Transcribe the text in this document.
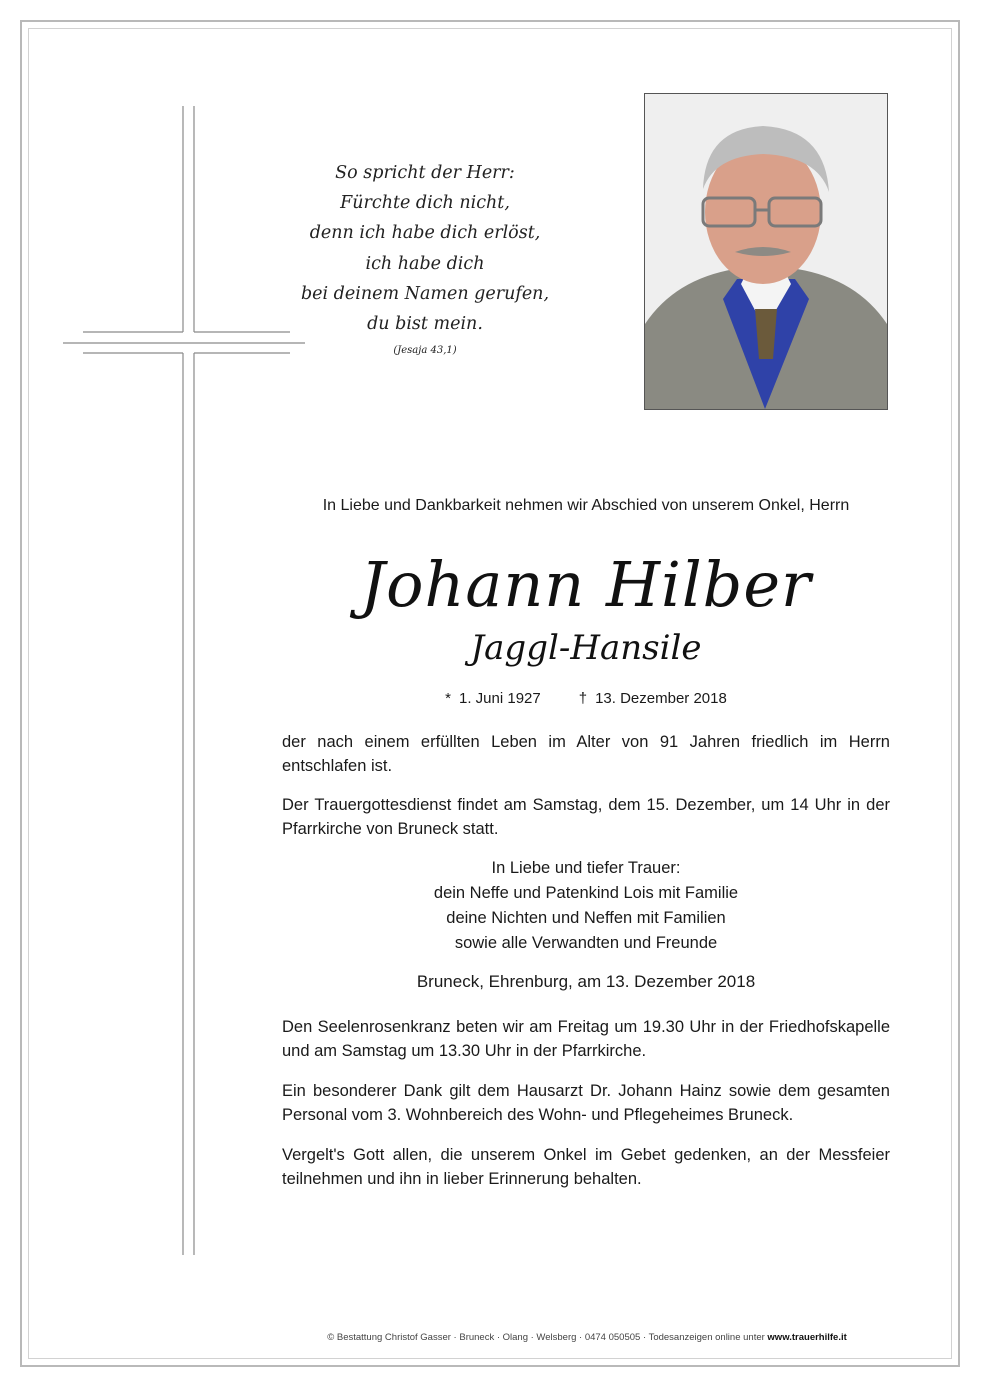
So spricht der Herr:
Fürchte dich nicht,
denn ich habe dich erlöst,
ich habe dich
bei deinem Namen gerufen,
du bist mein.
(Jesaja 43,1)
In Liebe und Dankbarkeit nehmen wir Abschied von unserem Onkel, Herrn
Johann Hilber
Jaggl-Hansile
* 1. Juni 1927	† 13. Dezember 2018
der nach einem erfüllten Leben im Alter von 91 Jahren friedlich im Herrn entschlafen ist.
Der Trauergottesdienst findet am Samstag, dem 15. Dezember, um 14 Uhr in der Pfarrkirche von Bruneck statt.
In Liebe und tiefer Trauer:
dein Neffe und Patenkind Lois mit Familie
deine Nichten und Neffen mit Familien
sowie alle Verwandten und Freunde
Bruneck, Ehrenburg, am 13. Dezember 2018
Den Seelenrosenkranz beten wir am Freitag um 19.30 Uhr in der Friedhofskapelle und am Samstag um 13.30 Uhr in der Pfarrkirche.
Ein besonderer Dank gilt dem Hausarzt Dr. Johann Hainz sowie dem gesamten Personal vom 3. Wohnbereich des Wohn- und Pflegeheimes Bruneck.
Vergelt's Gott allen, die unserem Onkel im Gebet gedenken, an der Messfeier teilnehmen und ihn in lieber Erinnerung behalten.
© Bestattung Christof Gasser · Bruneck · Olang · Welsberg · 0474 050505 · Todesanzeigen online unter www.trauerhilfe.it
